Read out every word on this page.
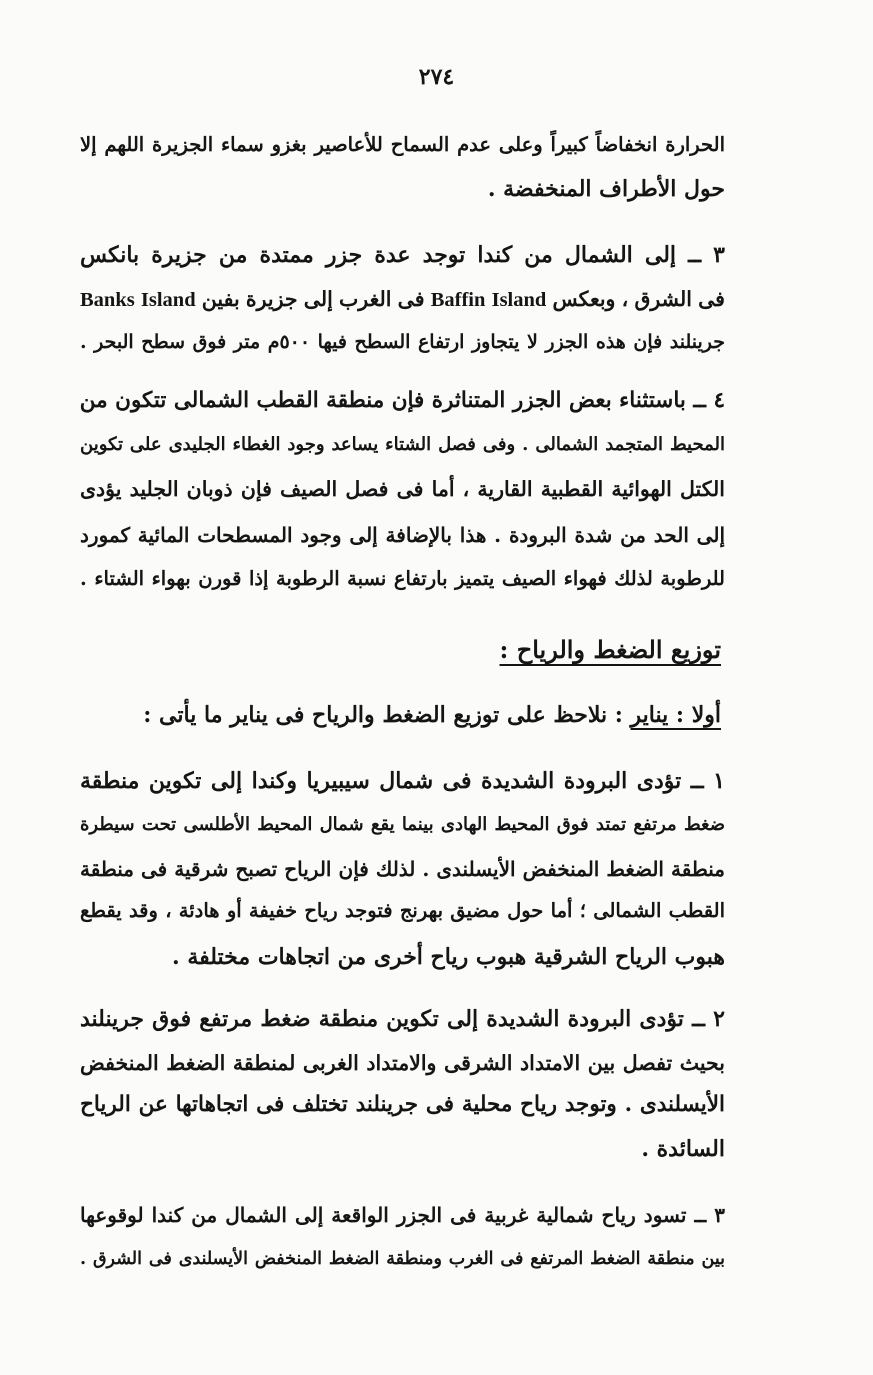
٢٧٤
الحرارة انخفاضاً كبيراً وعلى عدم السماح للأعاصير بغزو سماء الجزيرة اللهم إلا
حول الأطراف المنخفضة .
٣ ــ إلى الشمال من كندا توجد عدة جزر ممتدة من جزيرة بانكس
Banks Island فى الغرب إلى جزيرة بفين Baffin Island فى الشرق ، وبعكس
جرينلند فإن هذه الجزر لا يتجاوز ارتفاع السطح فيها ٥٠٠م متر فوق سطح البحر .
٤ ــ باستثناء بعض الجزر المتناثرة فإن منطقة القطب الشمالى تتكون من
المحيط المتجمد الشمالى . وفى فصل الشتاء يساعد وجود الغطاء الجليدى على تكوين
الكتل الهوائية القطبية القارية ، أما فى فصل الصيف فإن ذوبان الجليد يؤدى
إلى الحد من شدة البرودة . هذا بالإضافة إلى وجود المسطحات المائية كمورد
للرطوبة لذلك فهواء الصيف يتميز بارتفاع نسبة الرطوبة إذا قورن بهواء الشتاء .
توزيع الضغط والرياح :
أولا : يناير : نلاحظ على توزيع الضغط والرياح فى يناير ما يأتى :
١ ــ تؤدى البرودة الشديدة فى شمال سيبيريا وكندا إلى تكوين منطقة
ضغط مرتفع تمتد فوق المحيط الهادى بينما يقع شمال المحيط الأطلسى تحت سيطرة
منطقة الضغط المنخفض الأيسلندى . لذلك فإن الرياح تصبح شرقية فى منطقة
القطب الشمالى ؛ أما حول مضيق بهرنج فتوجد رياح خفيفة أو هادئة ، وقد يقطع
هبوب الرياح الشرقية هبوب رياح أخرى من اتجاهات مختلفة .
٢ ــ تؤدى البرودة الشديدة إلى تكوين منطقة ضغط مرتفع فوق جرينلند
بحيث تفصل بين الامتداد الشرقى والامتداد الغربى لمنطقة الضغط المنخفض
الأيسلندى . وتوجد رياح محلية فى جرينلند تختلف فى اتجاهاتها عن الرياح
السائدة .
٣ ــ تسود رياح شمالية غربية فى الجزر الواقعة إلى الشمال من كندا لوقوعها
بين منطقة الضغط المرتفع فى الغرب ومنطقة الضغط المنخفض الأيسلندى فى الشرق .
